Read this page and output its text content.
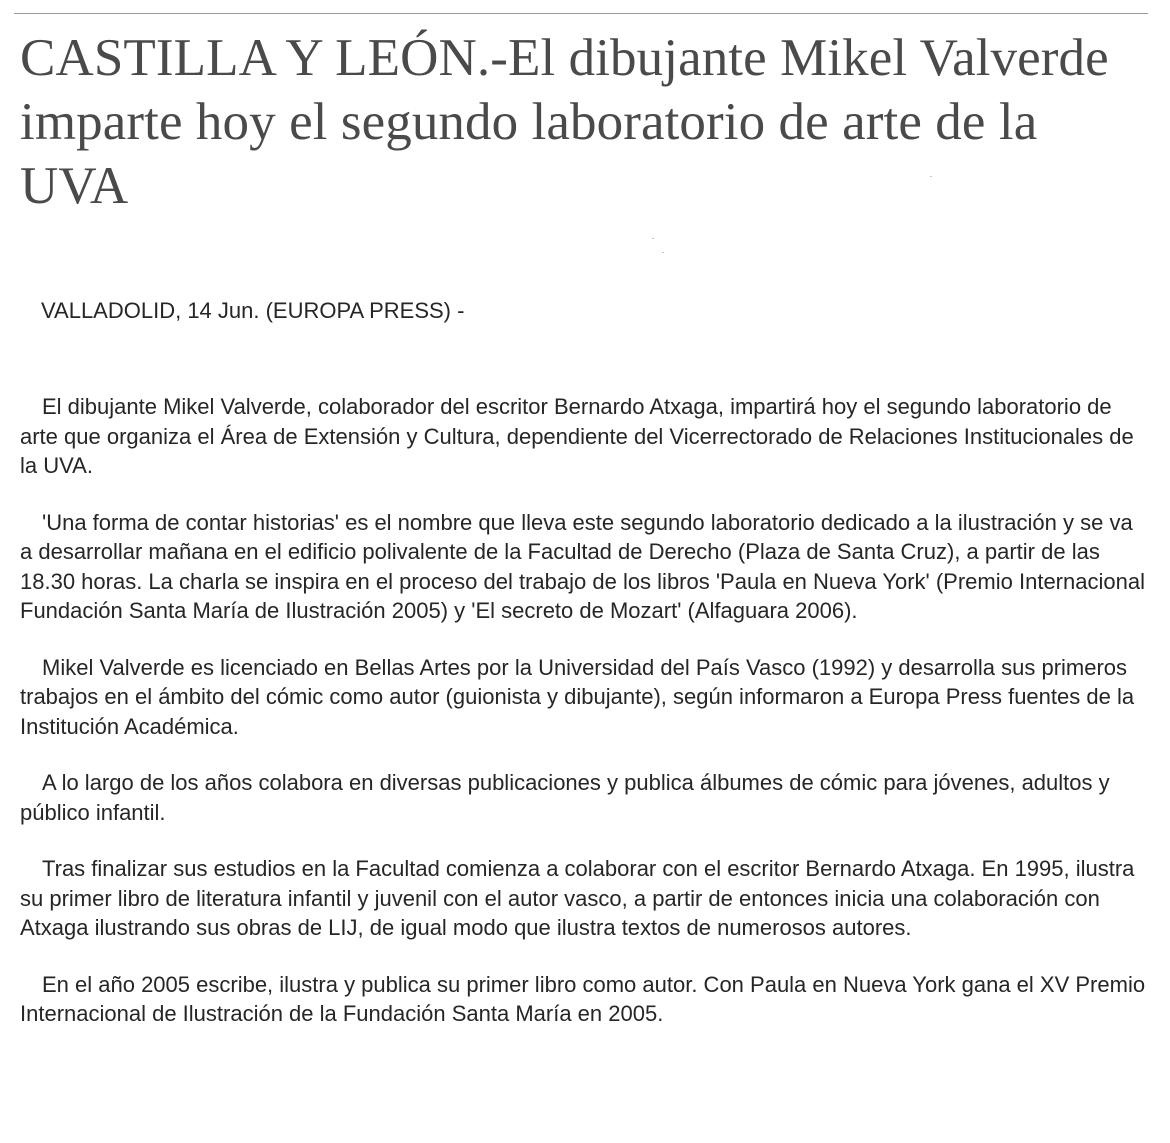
CASTILLA Y LEÓN.-El dibujante Mikel Valverde imparte hoy el segundo laboratorio de arte de la UVA

VALLADOLID, 14 Jun. (EUROPA PRESS) -

El dibujante Mikel Valverde, colaborador del escritor Bernardo Atxaga, impartirá hoy el segundo laboratorio de arte que organiza el Área de Extensión y Cultura, dependiente del Vicerrectorado de Relaciones Institucionales de la UVA.

'Una forma de contar historias' es el nombre que lleva este segundo laboratorio dedicado a la ilustración y se va a desarrollar mañana en el edificio polivalente de la Facultad de Derecho (Plaza de Santa Cruz), a partir de las 18.30 horas. La charla se inspira en el proceso del trabajo de los libros 'Paula en Nueva York' (Premio Internacional Fundación Santa María de Ilustración 2005) y 'El secreto de Mozart' (Alfaguara 2006).

Mikel Valverde es licenciado en Bellas Artes por la Universidad del País Vasco (1992) y desarrolla sus primeros trabajos en el ámbito del cómic como autor (guionista y dibujante), según informaron a Europa Press fuentes de la Institución Académica.

A lo largo de los años colabora en diversas publicaciones y publica álbumes de cómic para jóvenes, adultos y público infantil.

Tras finalizar sus estudios en la Facultad comienza a colaborar con el escritor Bernardo Atxaga. En 1995, ilustra su primer libro de literatura infantil y juvenil con el autor vasco, a partir de entonces inicia una colaboración con Atxaga ilustrando sus obras de LIJ, de igual modo que ilustra textos de numerosos autores.

En el año 2005 escribe, ilustra y publica su primer libro como autor. Con Paula en Nueva York gana el XV Premio Internacional de Ilustración de la Fundación Santa María en 2005.
